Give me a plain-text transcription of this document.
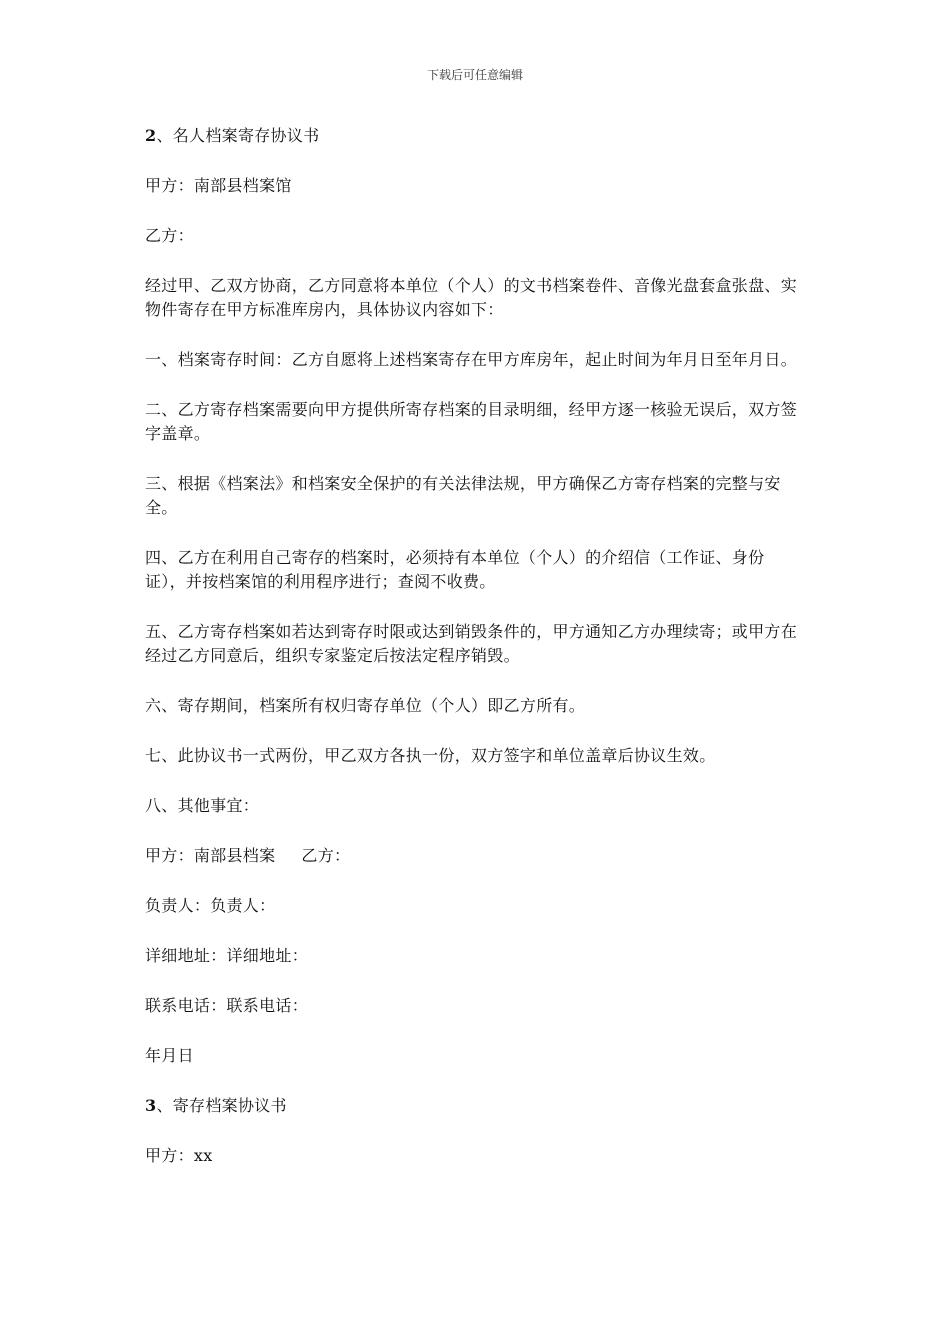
下载后可任意编辑

2、名人档案寄存协议书

甲方：南部县档案馆

乙方：

经过甲、乙双方协商，乙方同意将本单位（个人）的文书档案卷件、音像光盘套盒张盘、实物件寄存在甲方标准库房内，具体协议内容如下：

一、档案寄存时间：乙方自愿将上述档案寄存在甲方库房年，起止时间为年月日至年月日。

二、乙方寄存档案需要向甲方提供所寄存档案的目录明细，经甲方逐一核验无误后，双方签字盖章。

三、根据《档案法》和档案安全保护的有关法律法规，甲方确保乙方寄存档案的完整与安全。

四、乙方在利用自己寄存的档案时，必须持有本单位（个人）的介绍信（工作证、身份证），并按档案馆的利用程序进行；查阅不收费。

五、乙方寄存档案如若达到寄存时限或达到销毁条件的，甲方通知乙方办理续寄；或甲方在经过乙方同意后，组织专家鉴定后按法定程序销毁。

六、寄存期间，档案所有权归寄存单位（个人）即乙方所有。

七、此协议书一式两份，甲乙双方各执一份，双方签字和单位盖章后协议生效。

八、其他事宜：

甲方：南部县档案 乙方：

负责人：负责人：

详细地址：详细地址：

联系电话：联系电话：

年月日

3、寄存档案协议书

甲方：xx
